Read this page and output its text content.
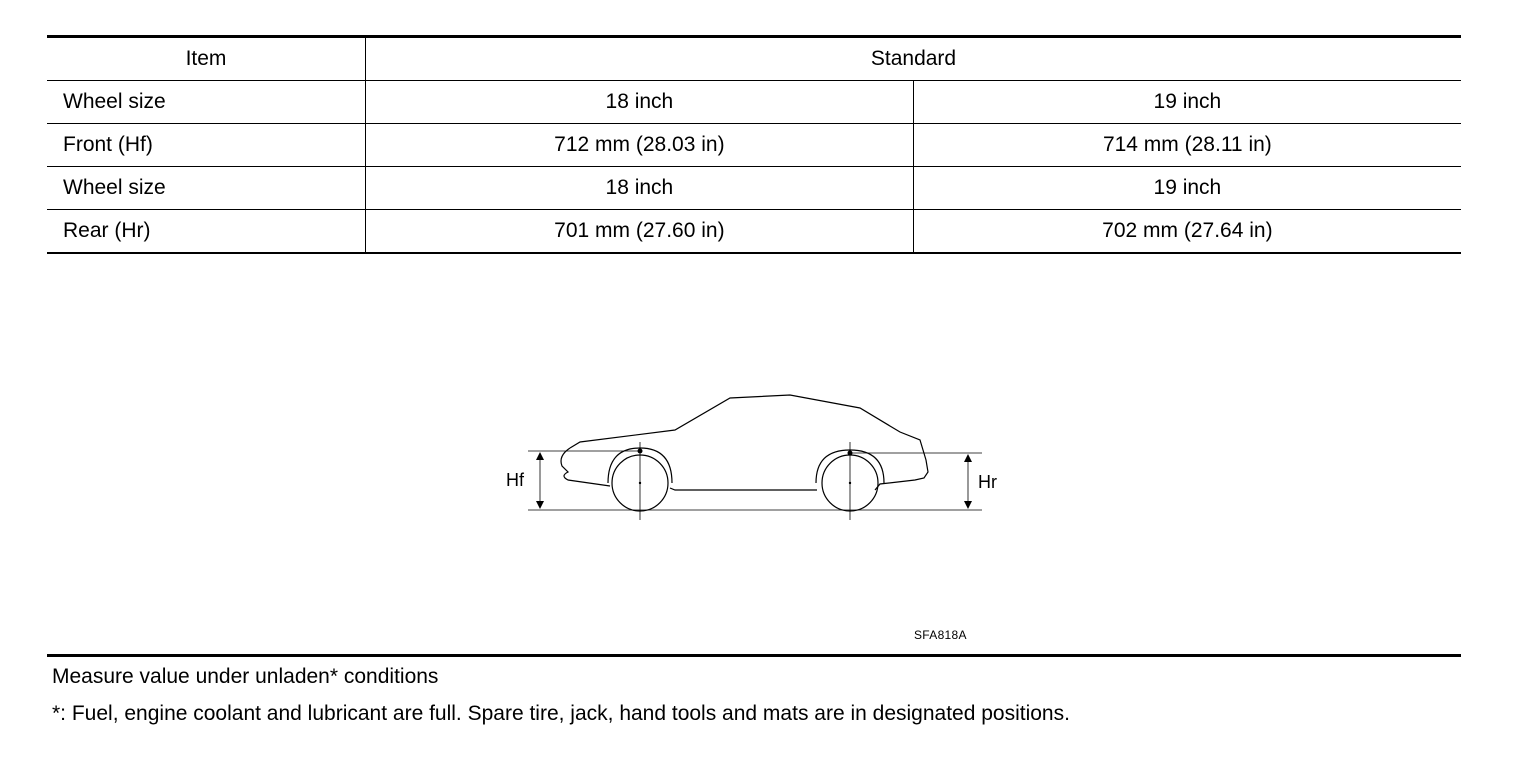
Item	Standard	
Wheel size	18 inch	19 inch
Front (Hf)	712 mm (28.03 in)	714 mm (28.11 in)
Wheel size	18 inch	19 inch
Rear (Hr)	701 mm (27.60 in)	702 mm (27.64 in)
Hf	Hr
SFA818A
Measure value under unladen* conditions
*: Fuel, engine coolant and lubricant are full. Spare tire, jack, hand tools and mats are in designated positions.
